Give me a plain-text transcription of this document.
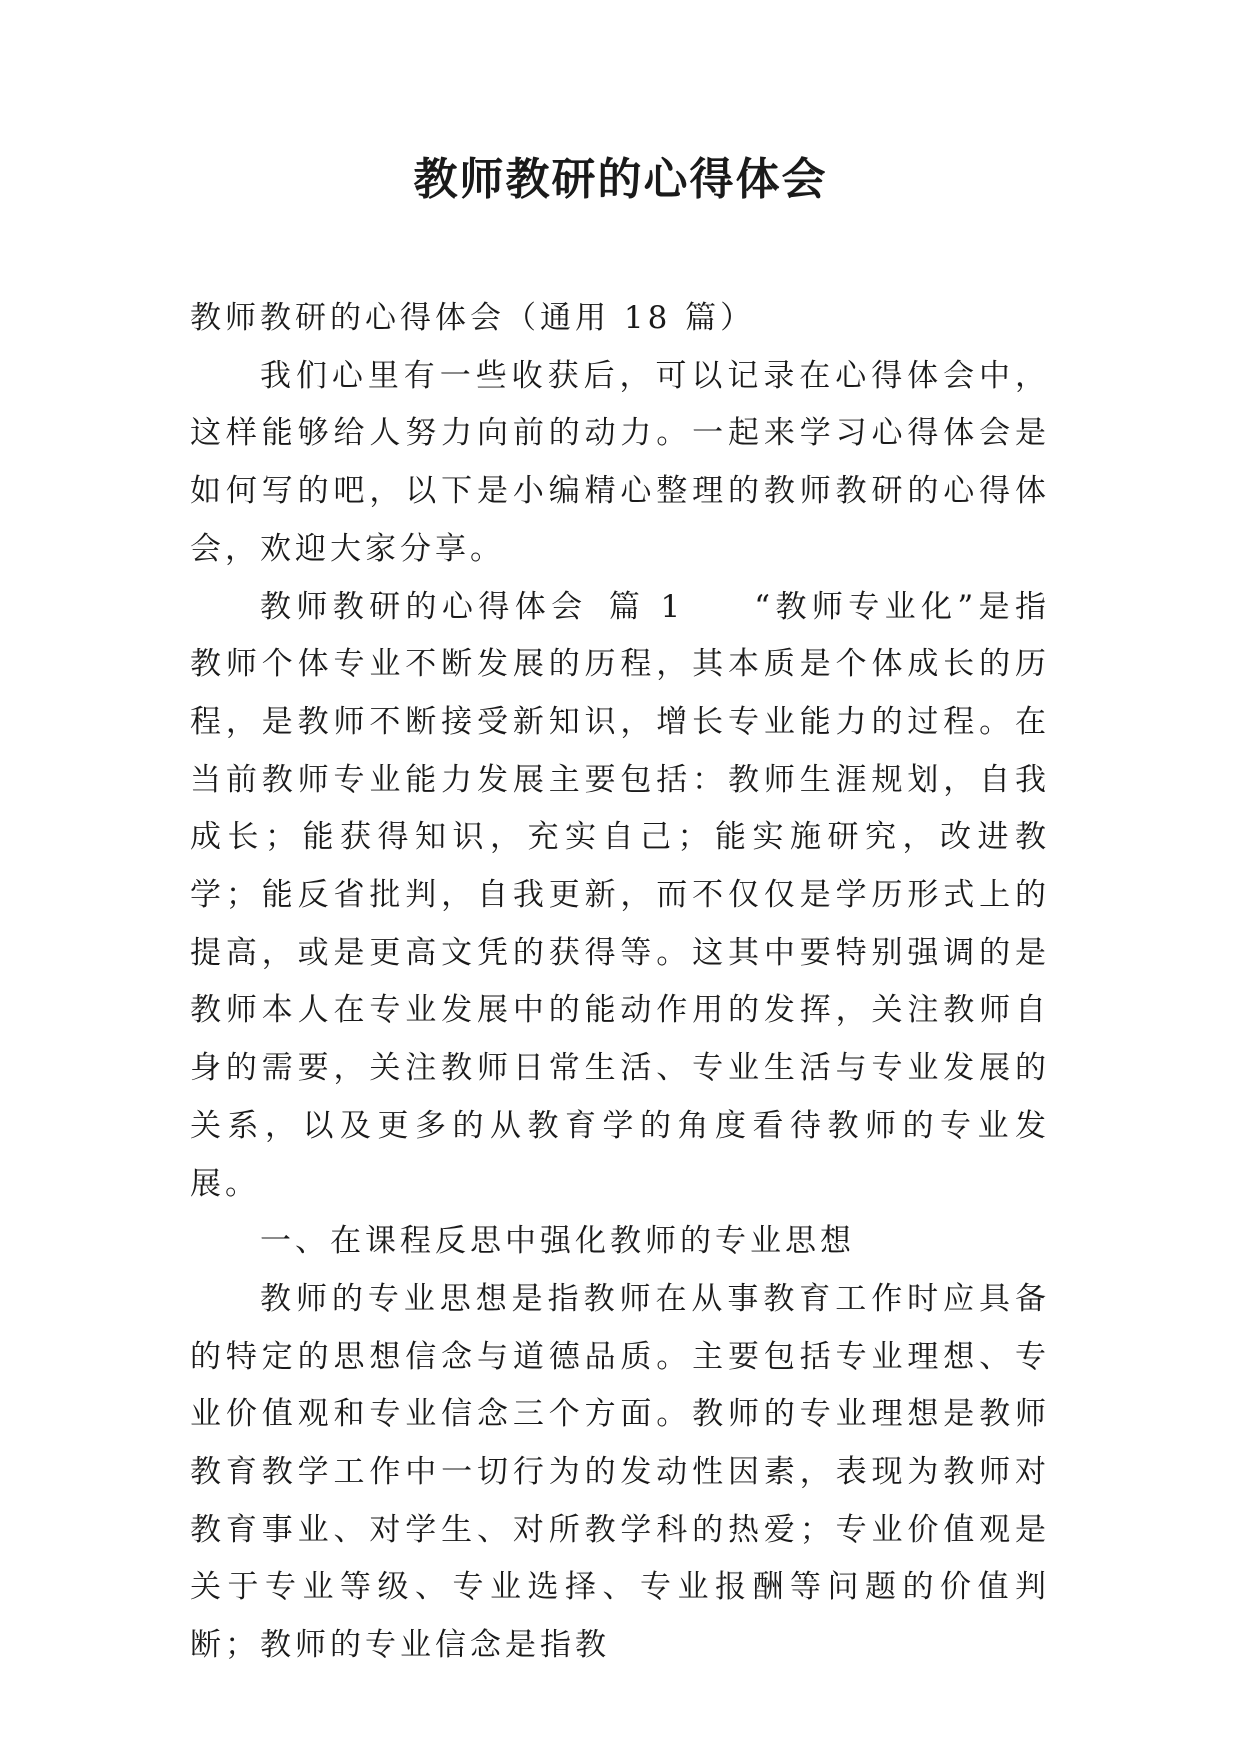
教师教研的心得体会

教师教研的心得体会（通用 18 篇）

我们心里有一些收获后，可以记录在心得体会中，这样能够给人努力向前的动力。一起来学习心得体会是如何写的吧，以下是小编精心整理的教师教研的心得体会，欢迎大家分享。

教师教研的心得体会 篇 1 “教师专业化”是指教师个体专业不断发展的历程，其本质是个体成长的历程，是教师不断接受新知识，增长专业能力的过程。在当前教师专业能力发展主要包括：教师生涯规划，自我成长；能获得知识，充实自己；能实施研究，改进教学；能反省批判，自我更新，而不仅仅是学历形式上的提高，或是更高文凭的获得等。这其中要特别强调的是教师本人在专业发展中的能动作用的发挥，关注教师自身的需要，关注教师日常生活、专业生活与专业发展的关系，以及更多的从教育学的角度看待教师的专业发展。

一、在课程反思中强化教师的专业思想

教师的专业思想是指教师在从事教育工作时应具备的特定的思想信念与道德品质。主要包括专业理想、专业价值观和专业信念三个方面。教师的专业理想是教师教育教学工作中一切行为的发动性因素，表现为教师对教育事业、对学生、对所教学科的热爱；专业价值观是关于专业等级、专业选择、专业报酬等问题的价值判断；教师的专业信念是指教
